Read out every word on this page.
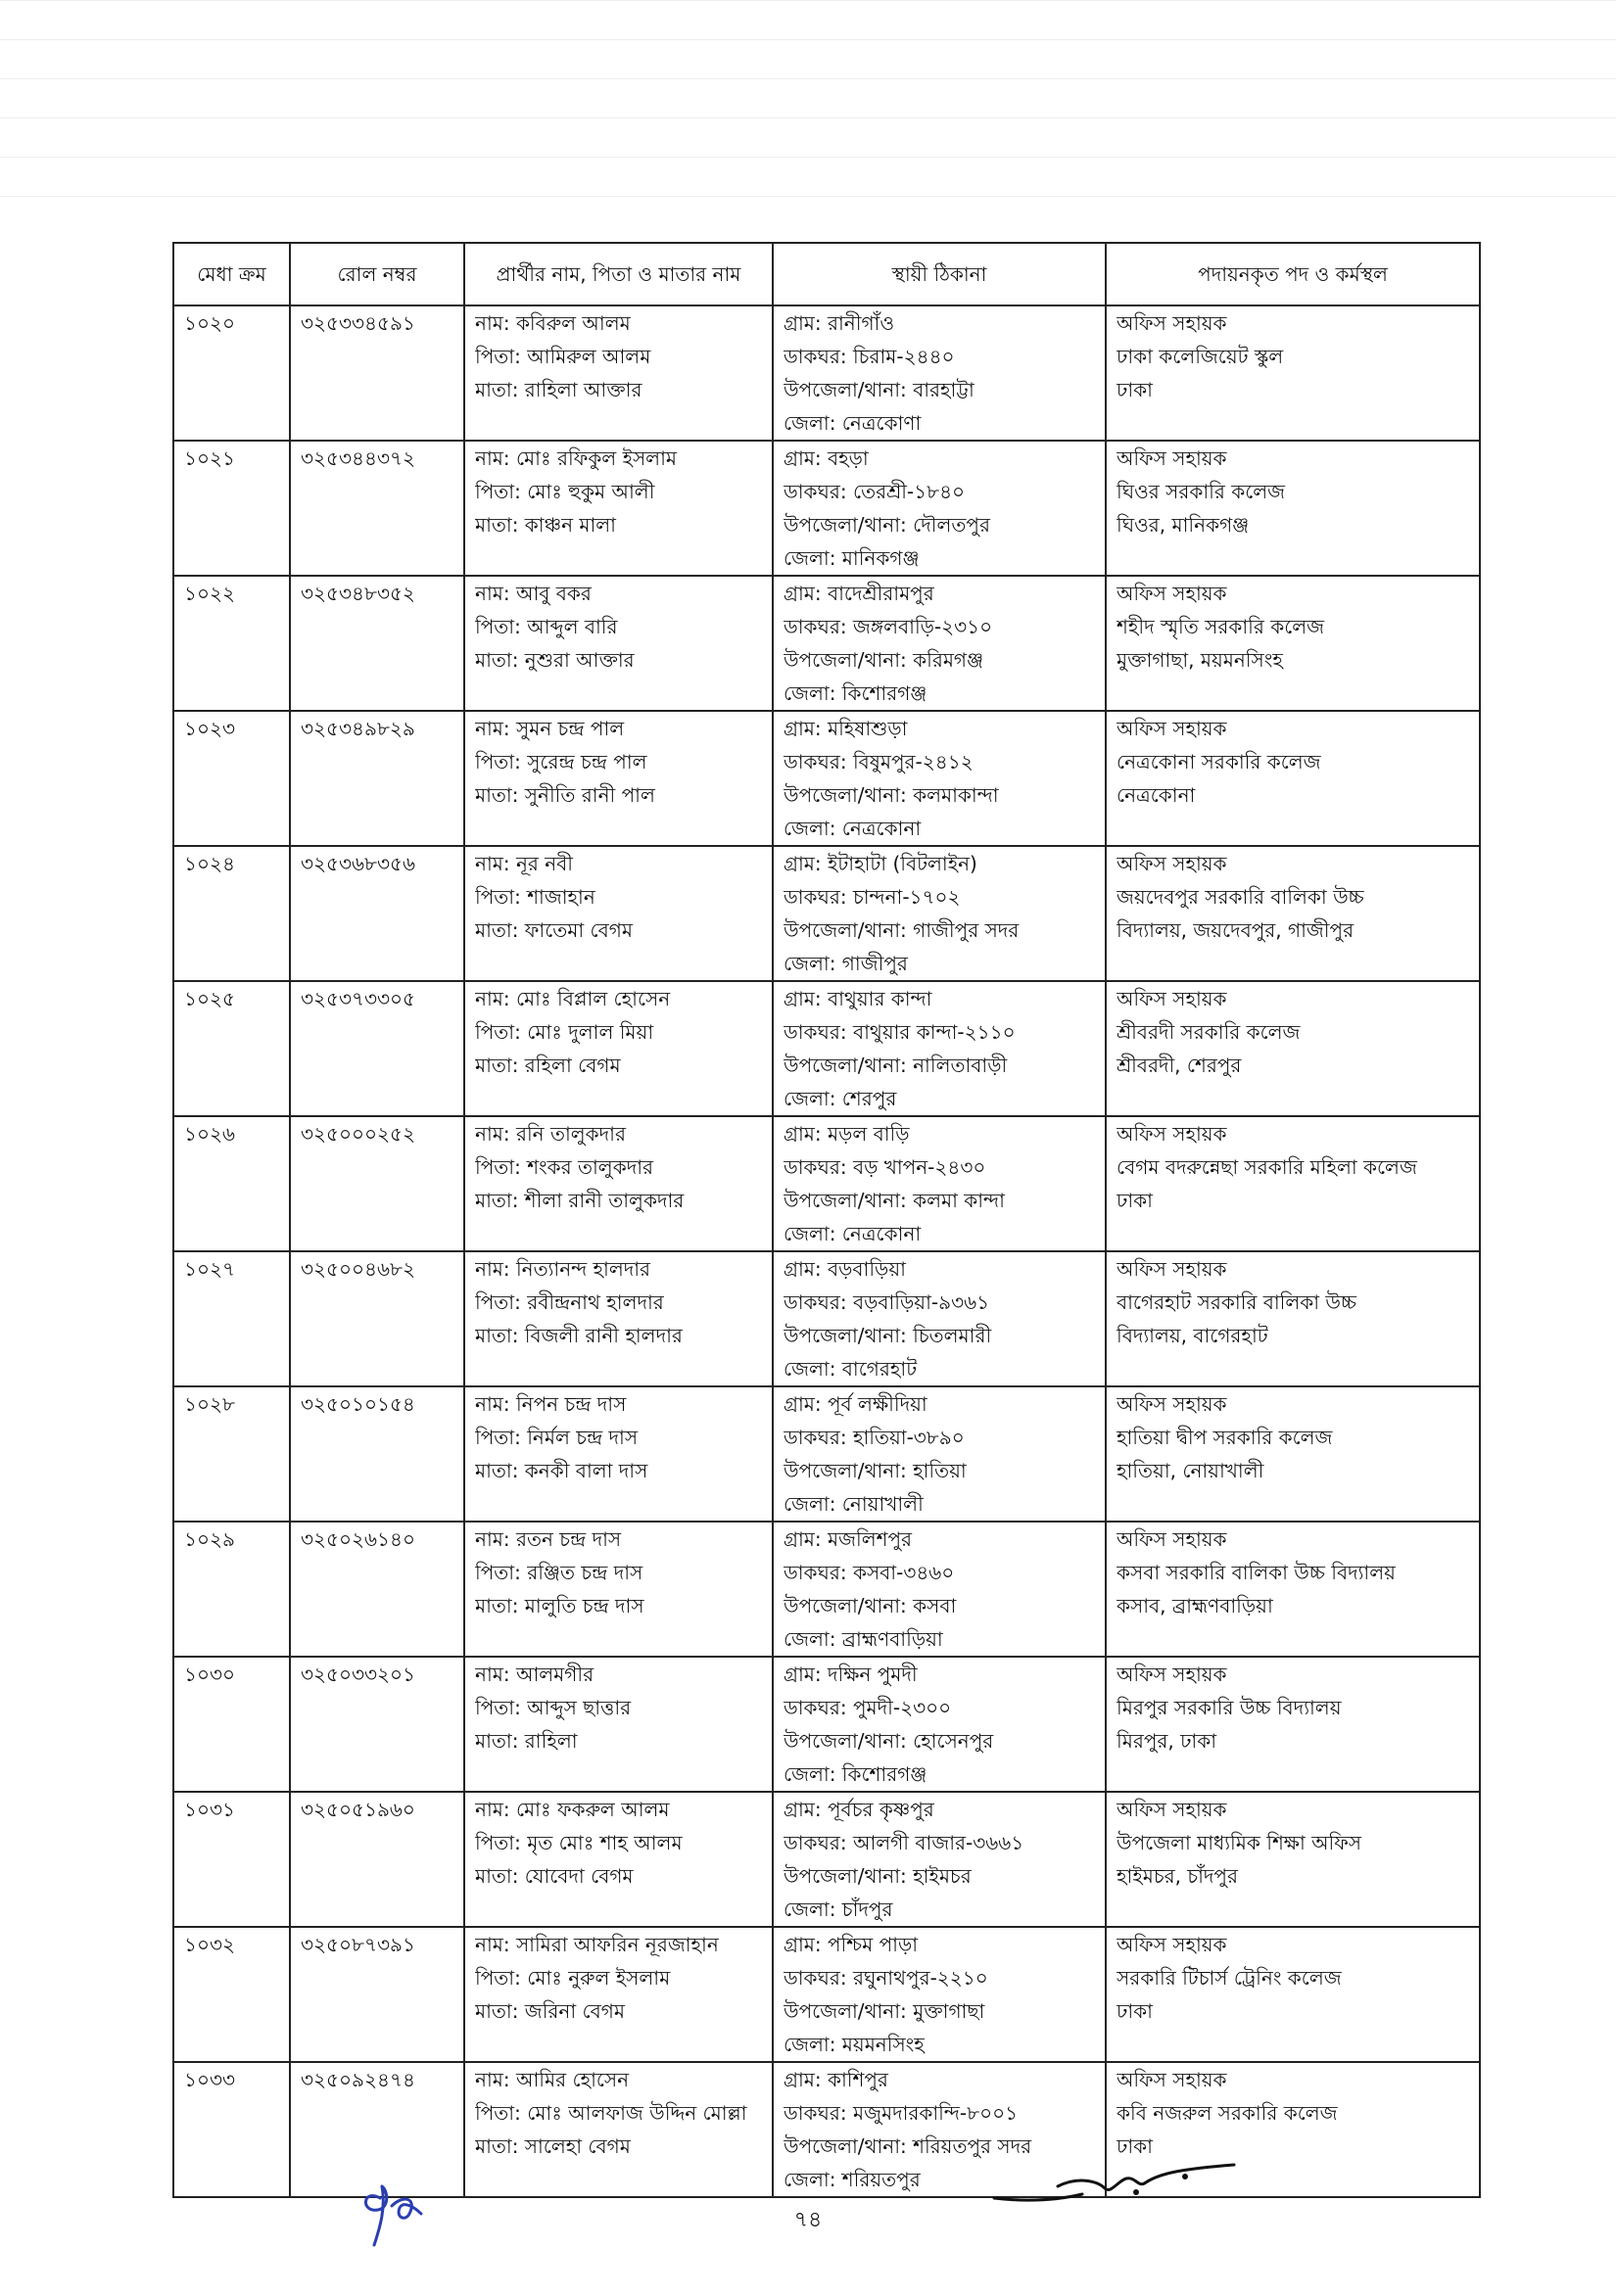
মেধা ক্রম	রোল নম্বর	প্রার্থীর নাম, পিতা ও মাতার নাম	স্থায়ী ঠিকানা	পদায়নকৃত পদ ও কর্মস্থল
১০২০	৩২৫৩৩৪৫৯১	নাম: কবিরুল আলম
পিতা: আমিরুল আলম
মাতা: রাহিলা আক্তার	গ্রাম: রানীগাঁও
ডাকঘর: চিরাম-২৪৪০
উপজেলা/থানা: বারহাট্টা
জেলা: নেত্রকোণা	অফিস সহায়ক
ঢাকা কলেজিয়েট স্কুল
ঢাকা

১০২১	৩২৫৩৪৪৩৭২	নাম: মোঃ রফিকুল ইসলাম
পিতা: মোঃ হুকুম আলী
মাতা: কাঞ্চন মালা	গ্রাম: বহড়া
ডাকঘর: তেরশ্রী-১৮৪০
উপজেলা/থানা: দৌলতপুর
জেলা: মানিকগঞ্জ	অফিস সহায়ক
ঘিওর সরকারি কলেজ
ঘিওর, মানিকগঞ্জ

১০২২	৩২৫৩৪৮৩৫২	নাম: আবু বকর
পিতা: আব্দুল বারি
মাতা: নুশুরা আক্তার	গ্রাম: বাদেশ্রীরামপুর
ডাকঘর: জঙ্গলবাড়ি-২৩১০
উপজেলা/থানা: করিমগঞ্জ
জেলা: কিশোরগঞ্জ	অফিস সহায়ক
শহীদ স্মৃতি সরকারি কলেজ
মুক্তাগাছা, ময়মনসিংহ

১০২৩	৩২৫৩৪৯৮২৯	নাম: সুমন চন্দ্র পাল
পিতা: সুরেন্দ্র চন্দ্র পাল
মাতা: সুনীতি রানী পাল	গ্রাম: মহিষাশুড়া
ডাকঘর: বিষুমপুর-২৪১২
উপজেলা/থানা: কলমাকান্দা
জেলা: নেত্রকোনা	অফিস সহায়ক
নেত্রকোনা সরকারি কলেজ
নেত্রকোনা

১০২৪	৩২৫৩৬৮৩৫৬	নাম: নূর নবী
পিতা: শাজাহান
মাতা: ফাতেমা বেগম	গ্রাম: ইটাহাটা (বিটলাইন)
ডাকঘর: চান্দনা-১৭০২
উপজেলা/থানা: গাজীপুর সদর
জেলা: গাজীপুর	অফিস সহায়ক
জয়দেবপুর সরকারি বালিকা উচ্চ
বিদ্যালয়, জয়দেবপুর, গাজীপুর

১০২৫	৩২৫৩৭৩৩০৫	নাম: মোঃ বিপ্লাল হোসেন
পিতা: মোঃ দুলাল মিয়া
মাতা: রহিলা বেগম	গ্রাম: বাথুয়ার কান্দা
ডাকঘর: বাথুয়ার কান্দা-২১১০
উপজেলা/থানা: নালিতাবাড়ী
জেলা: শেরপুর	অফিস সহায়ক
শ্রীবরদী সরকারি কলেজ
শ্রীবরদী, শেরপুর

১০২৬	৩২৫০০০২৫২	নাম: রনি তালুকদার
পিতা: শংকর তালুকদার
মাতা: শীলা রানী তালুকদার	গ্রাম: মড়ল বাড়ি
ডাকঘর: বড় খাপন-২৪৩০
উপজেলা/থানা: কলমা কান্দা
জেলা: নেত্রকোনা	অফিস সহায়ক
বেগম বদরুন্নেছা সরকারি মহিলা কলেজ
ঢাকা

১০২৭	৩২৫০০৪৬৮২	নাম: নিত্যানন্দ হালদার
পিতা: রবীন্দ্রনাথ হালদার
মাতা: বিজলী রানী হালদার	গ্রাম: বড়বাড়িয়া
ডাকঘর: বড়বাড়িয়া-৯৩৬১
উপজেলা/থানা: চিতলমারী
জেলা: বাগেরহাট	অফিস সহায়ক
বাগেরহাট সরকারি বালিকা উচ্চ
বিদ্যালয়, বাগেরহাট

১০২৮	৩২৫০১০১৫৪	নাম: নিপন চন্দ্র দাস
পিতা: নির্মল চন্দ্র দাস
মাতা: কনকী বালা দাস	গ্রাম: পূর্ব লক্ষীদিয়া
ডাকঘর: হাতিয়া-৩৮৯০
উপজেলা/থানা: হাতিয়া
জেলা: নোয়াখালী	অফিস সহায়ক
হাতিয়া দ্বীপ সরকারি কলেজ
হাতিয়া, নোয়াখালী

১০২৯	৩২৫০২৬১৪০	নাম: রতন চন্দ্র দাস
পিতা: রঞ্জিত চন্দ্র দাস
মাতা: মালুতি চন্দ্র দাস	গ্রাম: মজলিশপুর
ডাকঘর: কসবা-৩৪৬০
উপজেলা/থানা: কসবা
জেলা: ব্রাহ্মণবাড়িয়া	অফিস সহায়ক
কসবা সরকারি বালিকা উচ্চ বিদ্যালয়
কসাব, ব্রাহ্মণবাড়িয়া

১০৩০	৩২৫০৩৩২০১	নাম: আলমগীর
পিতা: আব্দুস ছাত্তার
মাতা: রাহিলা	গ্রাম: দক্ষিন পুমদী
ডাকঘর: পুমদী-২৩০০
উপজেলা/থানা: হোসেনপুর
জেলা: কিশোরগঞ্জ	অফিস সহায়ক
মিরপুর সরকারি উচ্চ বিদ্যালয়
মিরপুর, ঢাকা

১০৩১	৩২৫০৫১৯৬০	নাম: মোঃ ফকরুল আলম
পিতা: মৃত মোঃ শাহ আলম
মাতা: যোবেদা বেগম	গ্রাম: পূর্বচর কৃষ্ণপুর
ডাকঘর: আলগী বাজার-৩৬৬১
উপজেলা/থানা: হাইমচর
জেলা: চাঁদপুর	অফিস সহায়ক
উপজেলা মাধ্যমিক শিক্ষা অফিস
হাইমচর, চাঁদপুর

১০৩২	৩২৫০৮৭৩৯১	নাম: সামিরা আফরিন নূরজাহান
পিতা: মোঃ নুরুল ইসলাম
মাতা: জরিনা বেগম	গ্রাম: পশ্চিম পাড়া
ডাকঘর: রঘুনাথপুর-২২১০
উপজেলা/থানা: মুক্তাগাছা
জেলা: ময়মনসিংহ	অফিস সহায়ক
সরকারি টিচার্স ট্রেনিং কলেজ
ঢাকা

১০৩৩	৩২৫০৯২৪৭৪	নাম: আমির হোসেন
পিতা: মোঃ আলফাজ উদ্দিন মোল্লা
মাতা: সালেহা বেগম	গ্রাম: কাশিপুর
ডাকঘর: মজুমদারকান্দি-৮০০১
উপজেলা/থানা: শরিয়তপুর সদর
জেলা: শরিয়তপুর	অফিস সহায়ক
কবি নজরুল সরকারি কলেজ
ঢাকা
৭৪
